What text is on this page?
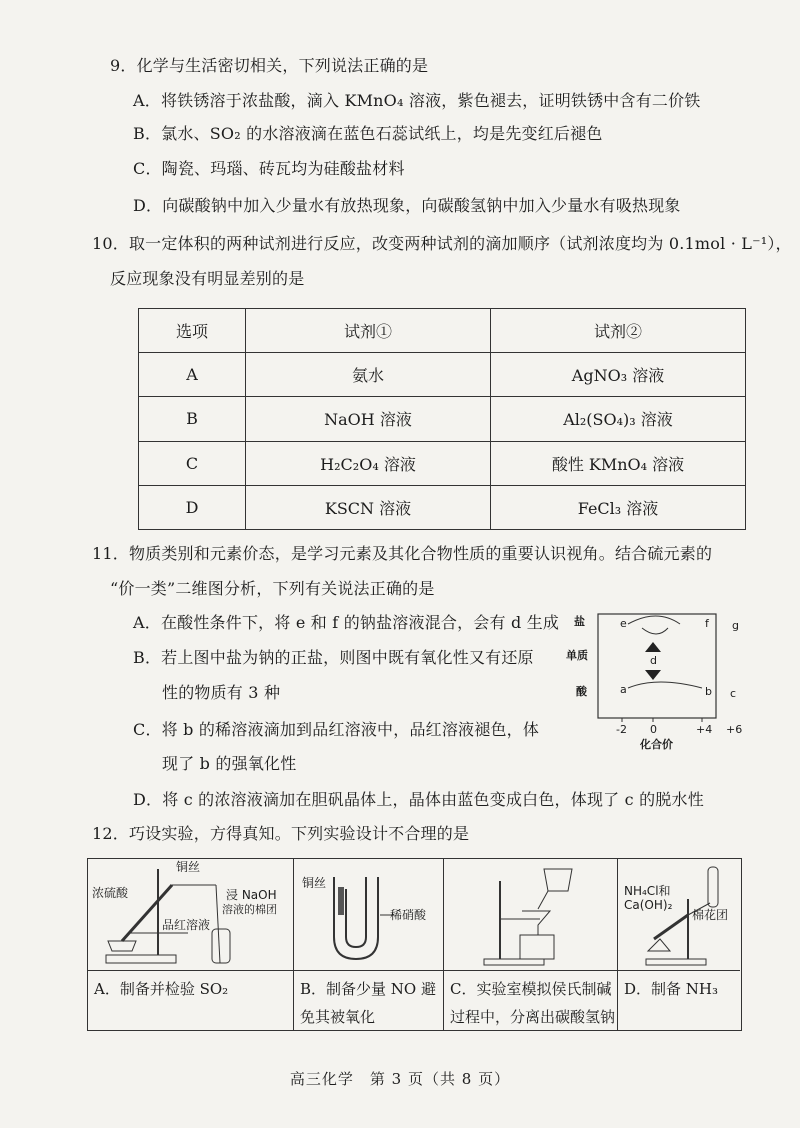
9．化学与生活密切相关，下列说法正确的是
A．将铁锈溶于浓盐酸，滴入 KMnO₄ 溶液，紫色褪去，证明铁锈中含有二价铁
B．氯水、SO₂ 的水溶液滴在蓝色石蕊试纸上，均是先变红后褪色
C．陶瓷、玛瑙、砖瓦均为硅酸盐材料
D．向碳酸钠中加入少量水有放热现象，向碳酸氢钠中加入少量水有吸热现象
10．取一定体积的两种试剂进行反应，改变两种试剂的滴加顺序（试剂浓度均为 0.1mol · L⁻¹），
反应现象没有明显差别的是
选项	试剂①	试剂②
A	氨水	AgNO₃ 溶液
B	NaOH 溶液	Al₂(SO₄)₃ 溶液
C	H₂C₂O₄ 溶液	酸性 KMnO₄ 溶液
D	KSCN 溶液	FeCl₃ 溶液
11．物质类别和元素价态，是学习元素及其化合物性质的重要认识视角。结合硫元素的
“价一类”二维图分析，下列有关说法正确的是
A．在酸性条件下，将 e 和 f 的钠盐溶液混合，会有 d 生成
B．若上图中盐为钠的正盐，则图中既有氧化性又有还原
性的物质有 3 种
C．将 b 的稀溶液滴加到品红溶液中，品红溶液褪色，体
现了 b 的强氧化性
D．将 c 的浓溶液滴加在胆矾晶体上，晶体由蓝色变成白色，体现了 c 的脱水性
盐
单质
酸
e	f g
d
a	b c
-2 0	+4 +6
化合价
12．巧设实验，方得真知。下列实验设计不合理的是
铜丝
浓硫酸	浸 NaOH
溶液的棉团
品红溶液
A．制备并检验 SO₂
铜丝
稀硝酸
B．制备少量 NO 避
免其被氧化
C．实验室模拟侯氏制碱
过程中，分离出碳酸氢钠
NH₄Cl和
Ca(OH)₂
棉花团
D．制备 NH₃
高三化学　第 3 页（共 8 页）
